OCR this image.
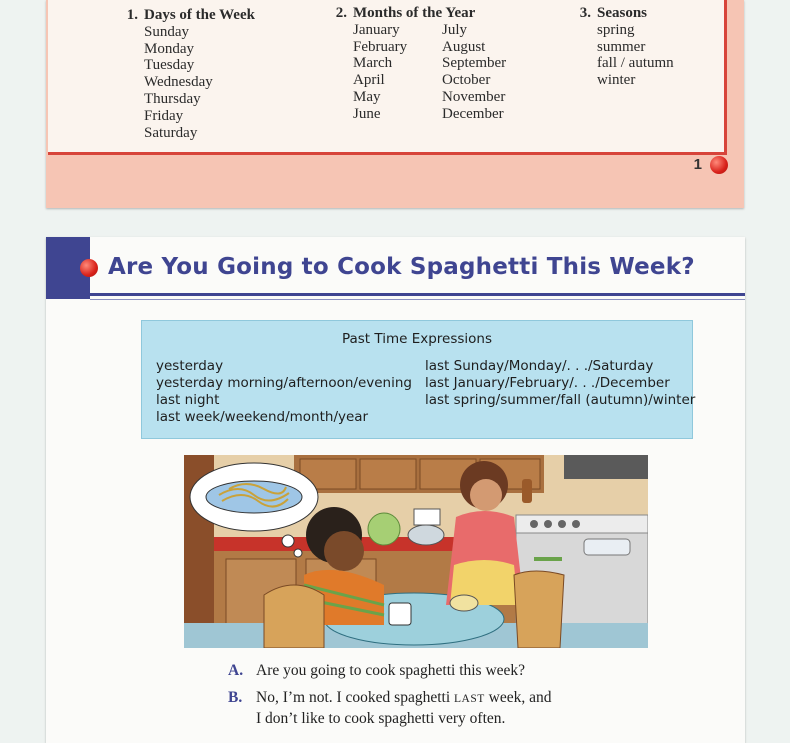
1. Days of the Week
Sunday
Monday
Tuesday
Wednesday
Thursday
Friday
Saturday
2. Months of the Year
January
February
March
April
May
June
July
August
September
October
November
December
3. Seasons
spring
summer
fall / autumn
winter
1
Are You Going to Cook Spaghetti This Week?
Past Time Expressions
yesterday
yesterday morning/afternoon/evening
last night
last week/weekend/month/year
last Sunday/Monday/. . ./Saturday
last January/February/. . ./December
last spring/summer/fall (autumn)/winter
A. Are you going to cook spaghetti this week?
B. No, I’m not. I cooked spaghetti LAST week, and
I don’t like to cook spaghetti very often.
